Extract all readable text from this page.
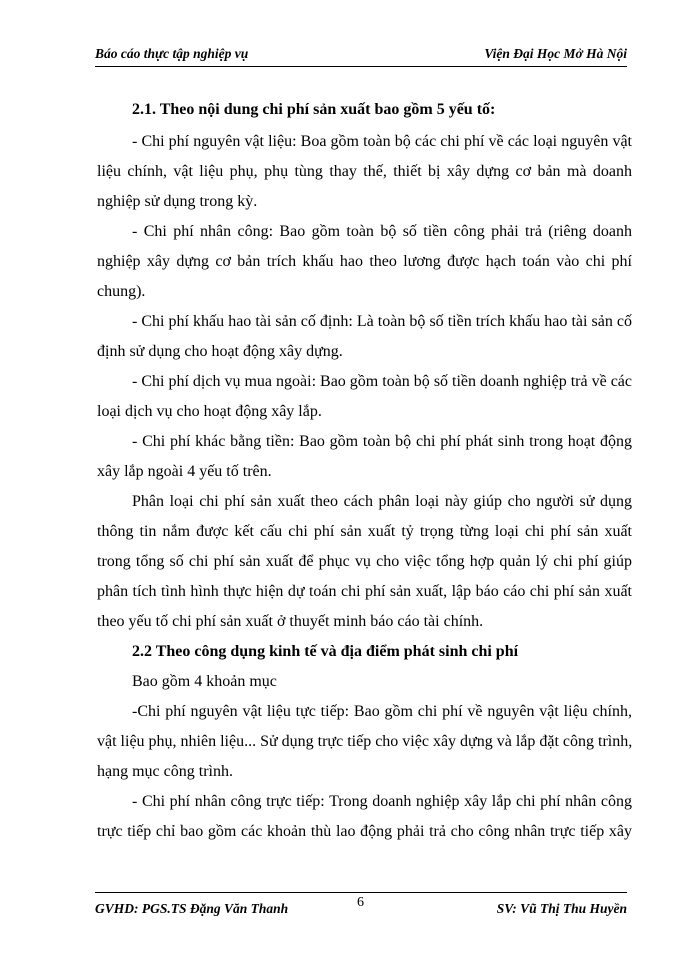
Báo cáo thực tập nghiệp vụ	Viện Đại Học Mở Hà Nội
2.1. Theo nội dung chi phí sản xuất bao gồm 5 yếu tố:
- Chi phí nguyên vật liệu: Boa gồm toàn bộ các chi phí về các loại nguyên vật
liệu chính, vật liệu phụ, phụ tùng thay thế, thiết bị xây dựng cơ bản mà doanh
nghiệp sử dụng trong kỳ.
- Chi phí nhân công: Bao gồm toàn bộ số tiền công phải trả (riêng doanh
nghiệp xây dựng cơ bản trích khấu hao theo lương được hạch toán vào chi phí
chung).
- Chi phí khấu hao tài sản cố định: Là toàn bộ số tiền trích khấu hao tài sản cố
định sử dụng cho hoạt động xây dựng.
- Chi phí dịch vụ mua ngoài: Bao gồm toàn bộ số tiền doanh nghiệp trả về các
loại dịch vụ cho hoạt động xây lắp.
- Chi phí khác bằng tiền: Bao gồm toàn bộ chi phí phát sinh trong hoạt động
xây lắp ngoài 4 yếu tố trên.
Phân loại chi phí sản xuất theo cách phân loại này giúp cho người sử dụng
thông tin nắm được kết cấu chi phí sản xuất tỷ trọng từng loại chi phí sản xuất
trong tổng số chi phí sản xuất để phục vụ cho việc tổng hợp quản lý chi phí giúp
phân tích tình hình thực hiện dự toán chi phí sản xuất, lập báo cáo chi phí sản xuất
theo yếu tố chi phí sản xuất ở thuyết minh báo cáo tài chính.
2.2 Theo công dụng kinh tế và địa điểm phát sinh chi phí
Bao gồm 4 khoản mục
-Chi phí nguyên vật liệu tực tiếp: Bao gồm chi phí về nguyên vật liệu chính,
vật liệu phụ, nhiên liệu... Sử dụng trực tiếp cho việc xây dựng và lắp đặt công trình,
hạng mục công trình.
- Chi phí nhân công trực tiếp: Trong doanh nghiệp xây lắp chi phí nhân công
trực tiếp chỉ bao gồm các khoản thù lao động phải trả cho công nhân trực tiếp xây
GVHD: PGS.TS Đặng Văn Thanh	6	SV: Vũ Thị Thu Huyền
